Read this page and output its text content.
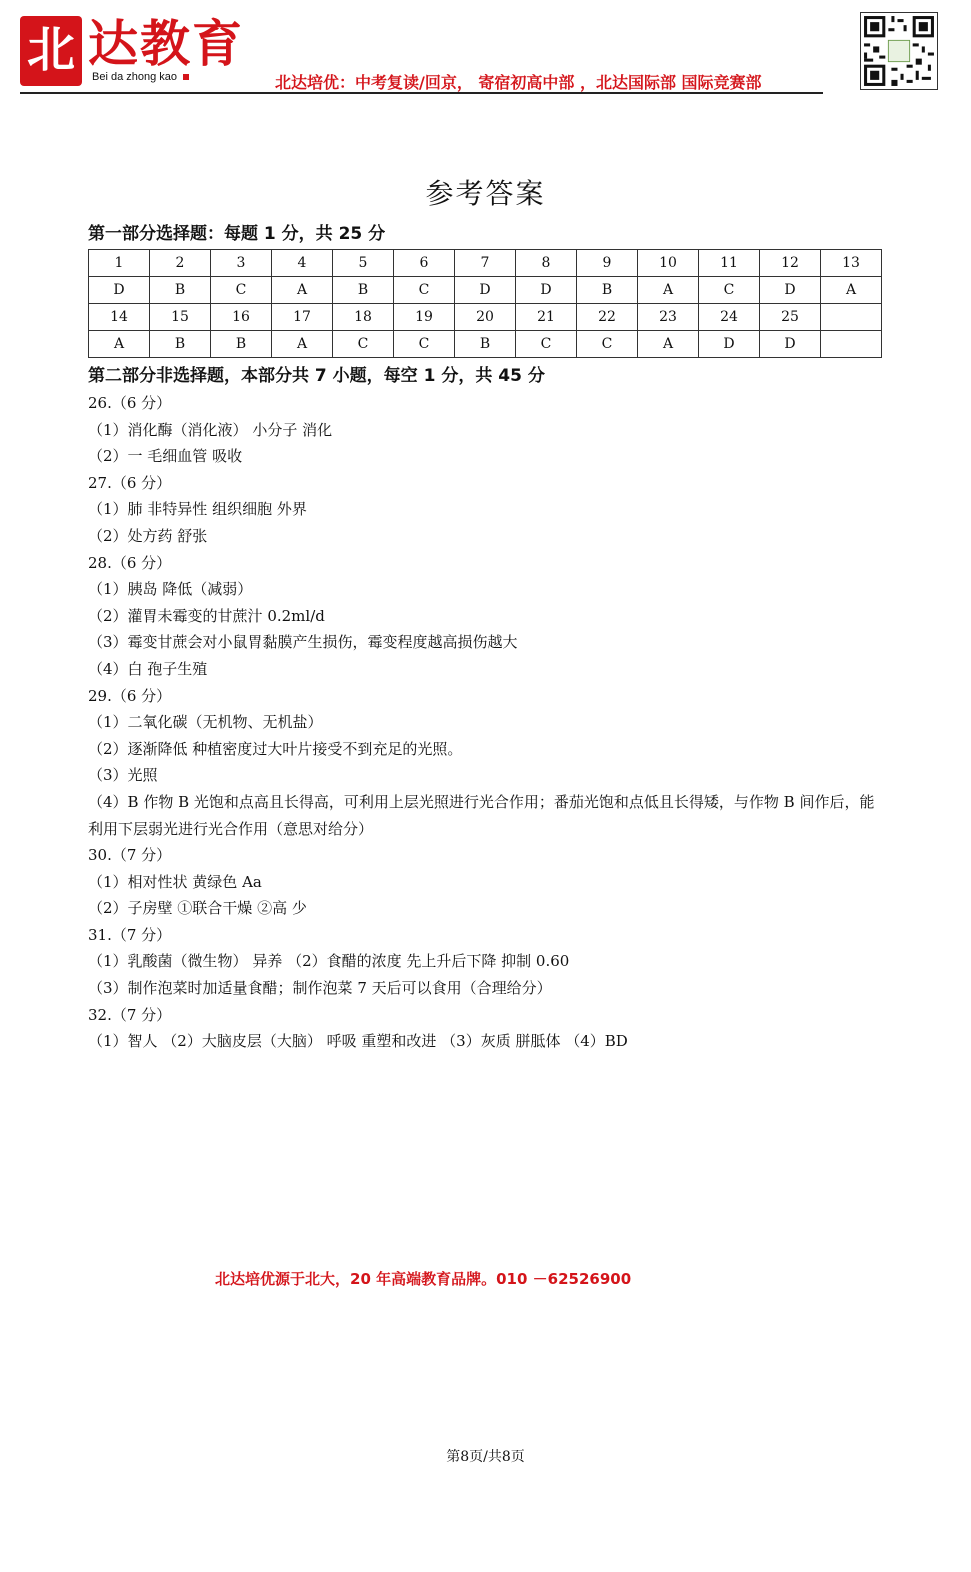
北 达教育
Bei da zhong kao	北达培优：中考复读/回京， 寄宿初高中部 ，北达国际部 国际竞赛部
参考答案
第一部分选择题：每题 1 分，共 25 分
1	2	3	4	5	6	7	8	9	10	11	12	13
D	B	C	A	B	C	D	D	B	A	C	D	A
14	15	16	17	18	19	20	21	22	23	24	25	
A	B	B	A	C	C	B	C	C	A	D	D	
第二部分非选择题，本部分共 7 小题，每空 1 分，共 45 分
26.（6 分）
（1）消化酶（消化液） 小分子 消化
（2）一 毛细血管 吸收
27.（6 分）
（1）肺 非特异性 组织细胞 外界
（2）处方药 舒张
28.（6 分）
（1）胰岛 降低（减弱）
（2）灌胃未霉变的甘蔗汁 0.2ml/d
（3）霉变甘蔗会对小鼠胃黏膜产生损伤，霉变程度越高损伤越大
（4）白 孢子生殖
29.（6 分）
（1）二氧化碳（无机物、无机盐）
（2）逐渐降低 种植密度过大叶片接受不到充足的光照。
（3）光照
（4）B 作物 B 光饱和点高且长得高，可利用上层光照进行光合作用；番茄光饱和点低且长得矮，与作物 B 间作后，能利用下层弱光进行光合作用（意思对给分）
30.（7 分）
（1）相对性状 黄绿色 Aa
（2）子房壁 ①联合干燥 ②高 少
31.（7 分）
（1）乳酸菌（微生物） 异养 （2）食醋的浓度 先上升后下降 抑制 0.60
（3）制作泡菜时加适量食醋；制作泡菜 7 天后可以食用（合理给分）
32.（7 分）
（1）智人 （2）大脑皮层（大脑） 呼吸 重塑和改进 （3）灰质 胼胝体 （4）BD
北达培优源于北大，20 年高端教育品牌。010 －62526900
第8页/共8页
